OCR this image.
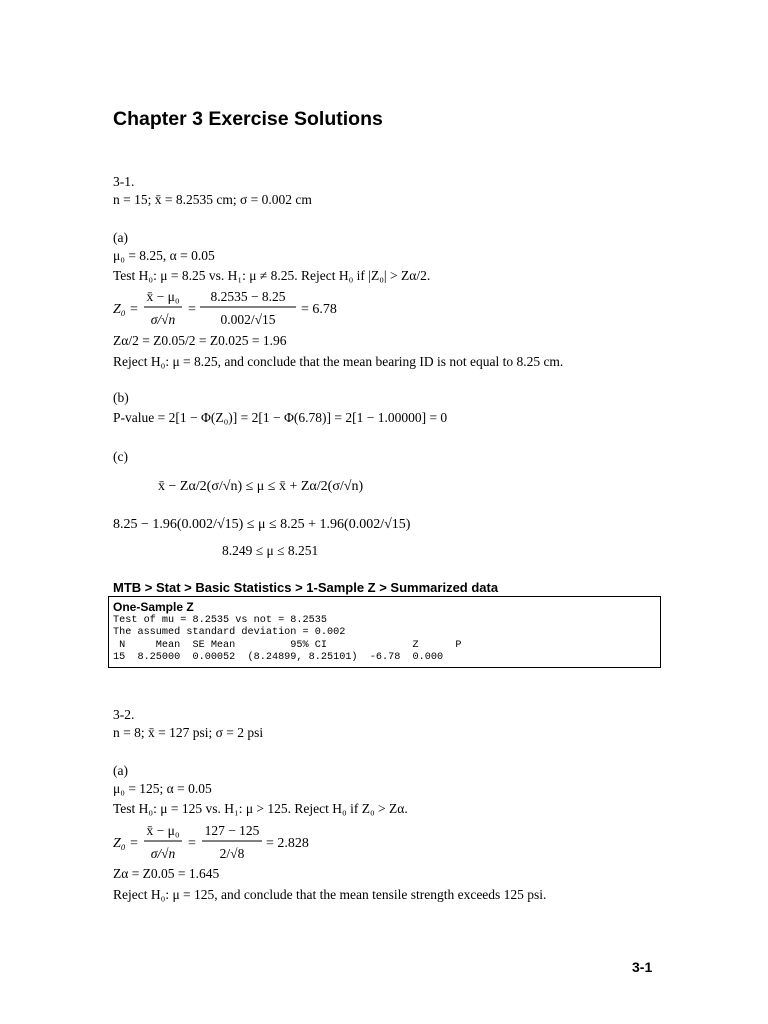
Chapter 3 Exercise Solutions
3-1.
n = 15; x̄ = 8.2535 cm; σ = 0.002 cm
(a)
μ₀ = 8.25, α = 0.05
Test H₀: μ = 8.25 vs. H₁: μ ≠ 8.25. Reject H₀ if |Z₀| > Zα/2.
Z₀ =
x̄ − μ₀
σ/√n
=
8.2535 − 8.25
0.002/√15
= 6.78
Zα/2 = Z0.05/2 = Z0.025 = 1.96
Reject H₀: μ = 8.25, and conclude that the mean bearing ID is not equal to 8.25 cm.
(b)
P-value = 2[1 − Φ(Z₀)] = 2[1 − Φ(6.78)] = 2[1 − 1.00000] = 0
(c)
x̄ − Zα/2(σ/√n) ≤ μ ≤ x̄ + Zα/2(σ/√n)
8.25 − 1.96(0.002/√15) ≤ μ ≤ 8.25 + 1.96(0.002/√15)
8.249 ≤ μ ≤ 8.251
MTB > Stat > Basic Statistics > 1-Sample Z > Summarized data
One-Sample Z
Test of mu = 8.2535 vs not = 8.2535
The assumed standard deviation = 0.002
N     Mean  SE Mean         95% CI              Z      P
15  8.25000  0.00052  (8.24899, 8.25101)  -6.78  0.000
3-2.
n = 8; x̄ = 127 psi; σ = 2 psi
(a)
μ₀ = 125; α = 0.05
Test H₀: μ = 125 vs. H₁: μ > 125. Reject H₀ if Z₀ > Zα.
Z₀ =
x̄ − μ₀
σ/√n
=
127 − 125
2/√8
= 2.828
Zα = Z0.05 = 1.645
Reject H₀: μ = 125, and conclude that the mean tensile strength exceeds 125 psi.
3-1
